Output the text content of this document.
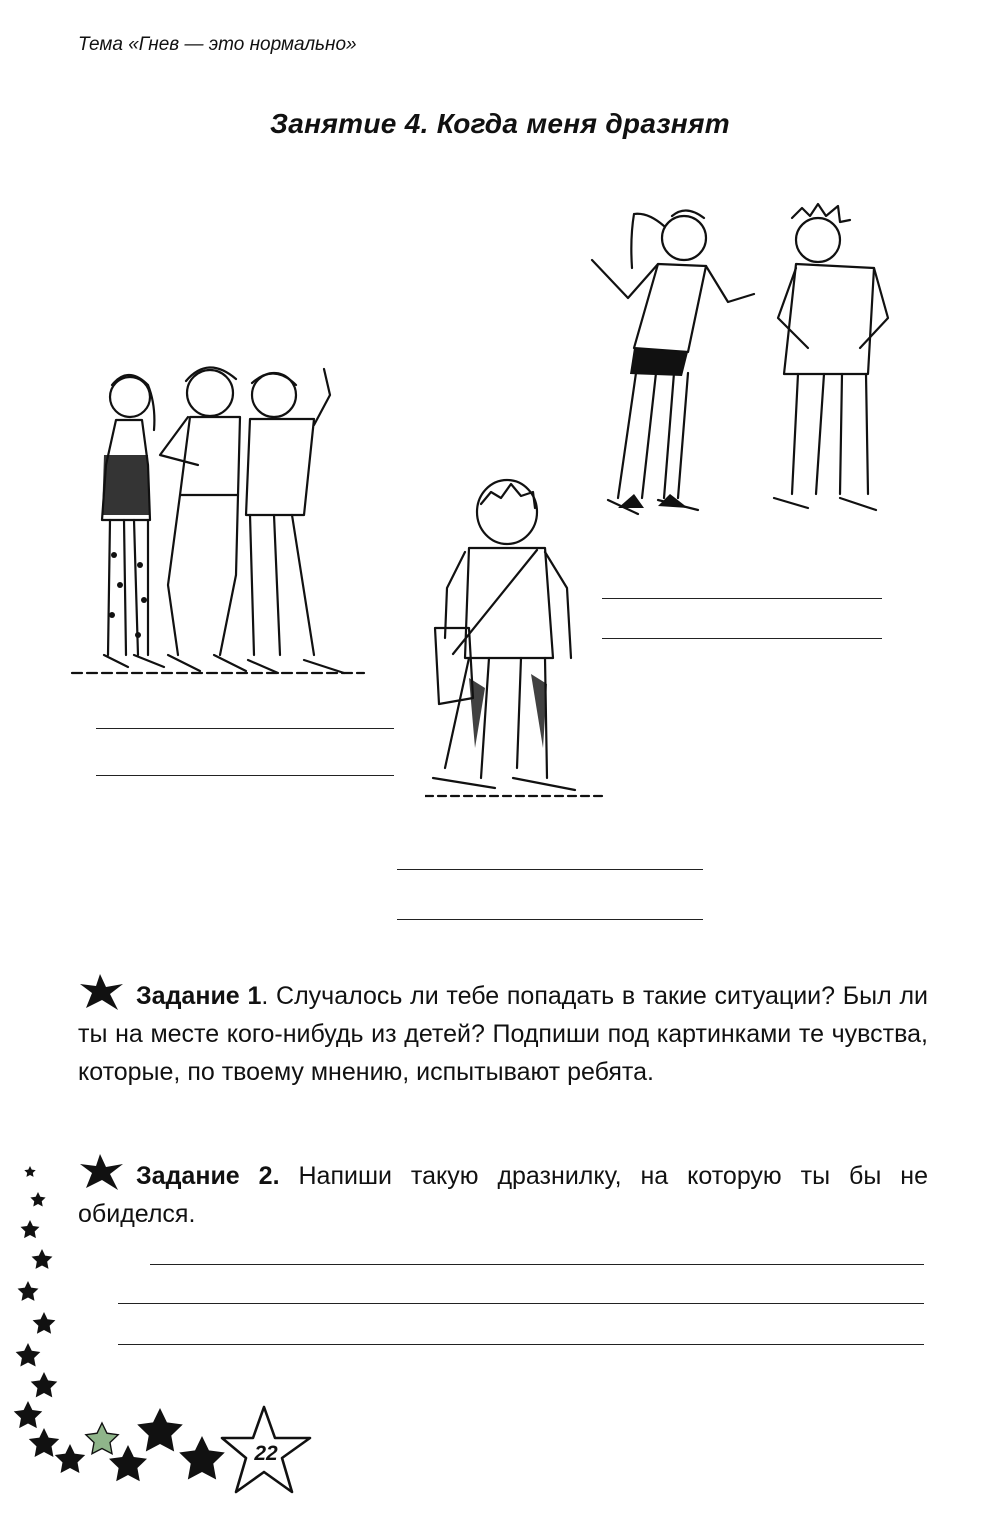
Тема «Гнев — это нормально»
Занятие 4. Когда меня дразнят
Задание 1. Случалось ли тебе попадать в такие ситуации? Был ли ты на месте кого-нибудь из детей? Подпиши под картинками те чувства, которые, по твоему мнению, испытывают ребята.
Задание 2. Напиши такую дразнилку, на которую ты бы не обиделся.
22
